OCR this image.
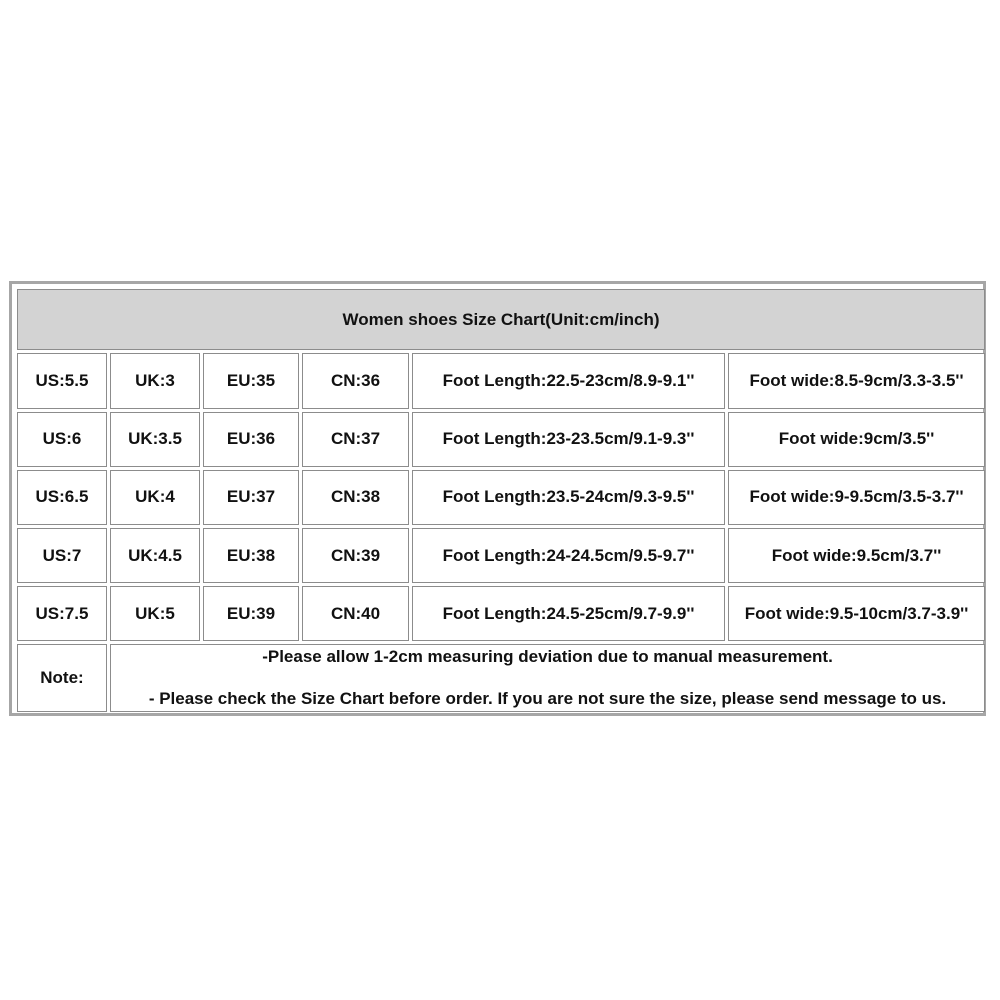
Women shoes Size Chart(Unit:cm/inch)					
US:5.5	UK:3	EU:35	CN:36	Foot Length:22.5-23cm/8.9-9.1''	Foot wide:8.5-9cm/3.3-3.5''
US:6	UK:3.5	EU:36	CN:37	Foot Length:23-23.5cm/9.1-9.3''	Foot wide:9cm/3.5''
US:6.5	UK:4	EU:37	CN:38	Foot Length:23.5-24cm/9.3-9.5''	Foot wide:9-9.5cm/3.5-3.7''
US:7	UK:4.5	EU:38	CN:39	Foot Length:24-24.5cm/9.5-9.7''	Foot wide:9.5cm/3.7''
US:7.5	UK:5	EU:39	CN:40	Foot Length:24.5-25cm/9.7-9.9''	Foot wide:9.5-10cm/3.7-3.9''
Note:	-Please allow 1-2cm measuring deviation due to manual measurement.
- Please check the Size Chart before order. If you are not sure the size, please send message to us.				
